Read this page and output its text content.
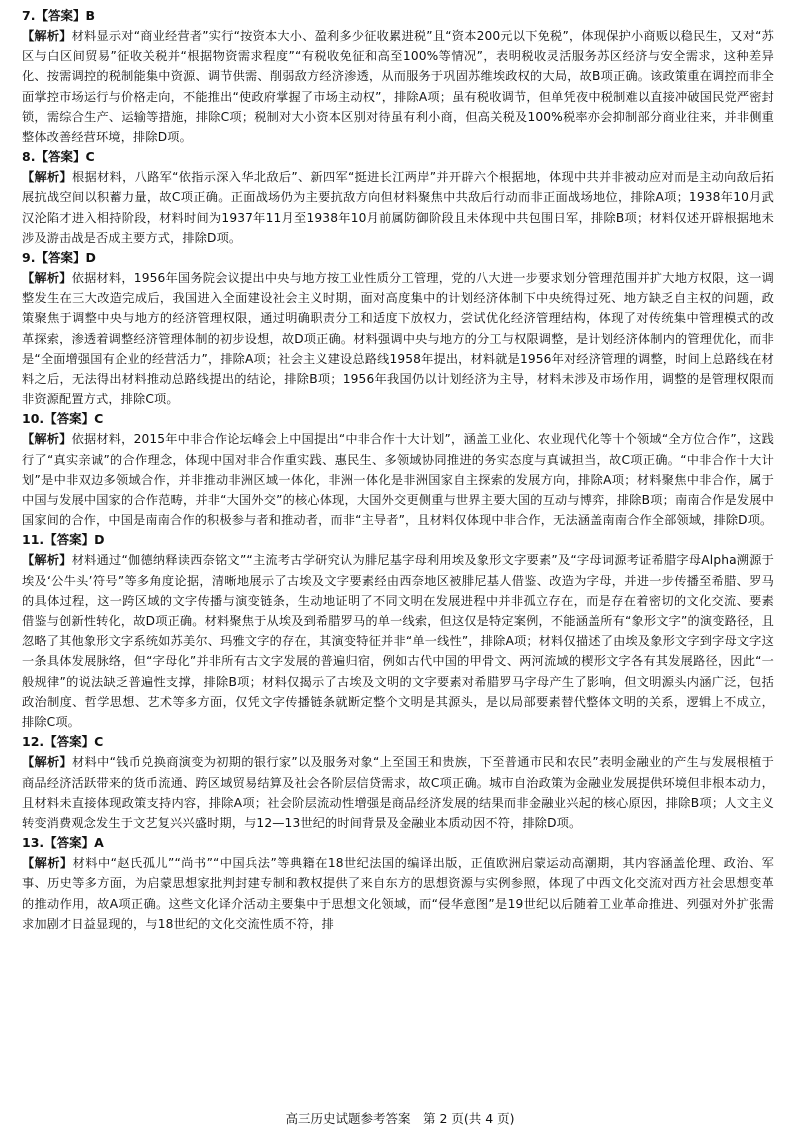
7.【答案】B

【解析】材料显示对“商业经营者”实行“按资本大小、盈利多少征收累进税”且“资本200元以下免税”，体现保护小商贩以稳民生，又对“苏区与白区间贸易”征收关税并“根据物资需求程度”“有税收免征和高至100%等情况”，表明税收灵活服务苏区经济与安全需求，这种差异化、按需调控的税制能集中资源、调节供需、削弱敌方经济渗透，从而服务于巩固苏维埃政权的大局，故B项正确。该政策重在调控而非全面掌控市场运行与价格走向，不能推出“使政府掌握了市场主动权”，排除A项；虽有税收调节，但单凭夜中税制难以直接冲破国民党严密封锁，需综合生产、运输等措施，排除C项；税制对大小资本区别对待虽有利小商，但高关税及100%税率亦会抑制部分商业往来，并非侧重整体改善经营环境，排除D项。

8.【答案】C

【解析】根据材料，八路军“依指示深入华北敌后”、新四军“挺进长江两岸”并开辟六个根据地，体现中共并非被动应对而是主动向敌后拓展抗战空间以积蓄力量，故C项正确。正面战场仍为主要抗敌方向但材料聚焦中共敌后行动而非正面战场地位，排除A项；1938年10月武汉沦陷才进入相持阶段，材料时间为1937年11月至1938年10月前属防御阶段且未体现中共包围日军，排除B项；材料仅述开辟根据地未涉及游击战是否成主要方式，排除D项。

9.【答案】D

【解析】依据材料，1956年国务院会议提出中央与地方按工业性质分工管理，党的八大进一步要求划分管理范围并扩大地方权限，这一调整发生在三大改造完成后，我国进入全面建设社会主义时期，面对高度集中的计划经济体制下中央统得过死、地方缺乏自主权的问题，政策聚焦于调整中央与地方的经济管理权限，通过明确职责分工和适度下放权力，尝试优化经济管理结构，体现了对传统集中管理模式的改革探索，渗透着调整经济管理体制的初步设想，故D项正确。材料强调中央与地方的分工与权限调整，是计划经济体制内的管理优化，而非是“全面增强国有企业的经营活力”，排除A项；社会主义建设总路线1958年提出，材料就是1956年对经济管理的调整，时间上总路线在材料之后，无法得出材料推动总路线提出的结论，排除B项；1956年我国仍以计划经济为主导，材料未涉及市场作用，调整的是管理权限而非资源配置方式，排除C项。

10.【答案】C

【解析】依据材料，2015年中非合作论坛峰会上中国提出“中非合作十大计划”，涵盖工业化、农业现代化等十个领域“全方位合作”，这践行了“真实亲诚”的合作理念，体现中国对非合作重实践、惠民生、多领域协同推进的务实态度与真诚担当，故C项正确。“中非合作十大计划”是中非双边多领域合作，并非推动非洲区域一体化，非洲一体化是非洲国家自主探索的发展方向，排除A项；材料聚焦中非合作，属于中国与发展中国家的合作范畴，并非“大国外交”的核心体现，大国外交更侧重与世界主要大国的互动与博弈，排除B项；南南合作是发展中国家间的合作，中国是南南合作的积极参与者和推动者，而非“主导者”，且材料仅体现中非合作，无法涵盖南南合作全部领域，排除D项。

11.【答案】D

【解析】材料通过“伽德纳释读西奈铭文”“主流考古学研究认为腓尼基字母利用埃及象形文字要素”及“字母词源考证希腊字母Alpha溯源于埃及‘公牛头’符号”等多角度论据，清晰地展示了古埃及文字要素经由西奈地区被腓尼基人借鉴、改造为字母，并进一步传播至希腊、罗马的具体过程，这一跨区域的文字传播与演变链条，生动地证明了不同文明在发展进程中并非孤立存在，而是存在着密切的文化交流、要素借鉴与创新性转化，故D项正确。材料聚焦于从埃及到希腊罗马的单一线索，但这仅是特定案例，不能涵盖所有“象形文字”的演变路径，且忽略了其他象形文字系统如苏美尔、玛雅文字的存在，其演变特征并非“单一线性”，排除A项；材料仅描述了由埃及象形文字到字母文字这一条具体发展脉络，但“字母化”并非所有古文字发展的普遍归宿，例如古代中国的甲骨文、两河流域的楔形文字各有其发展路径，因此“一般规律”的说法缺乏普遍性支撑，排除B项；材料仅揭示了古埃及文明的文字要素对希腊罗马字母产生了影响，但文明源头内涵广泛，包括政治制度、哲学思想、艺术等多方面，仅凭文字传播链条就断定整个文明是其源头，是以局部要素替代整体文明的关系，逻辑上不成立，排除C项。

12.【答案】C

【解析】材料中“钱币兑换商演变为初期的银行家”以及服务对象“上至国王和贵族，下至普通市民和农民”表明金融业的产生与发展根植于商品经济活跃带来的货币流通、跨区域贸易结算及社会各阶层信贷需求，故C项正确。城市自治政策为金融业发展提供环境但非根本动力，且材料未直接体现政策支持内容，排除A项；社会阶层流动性增强是商品经济发展的结果而非金融业兴起的核心原因，排除B项；人文主义转变消费观念发生于文艺复兴兴盛时期，与12—13世纪的时间背景及金融业本质动因不符，排除D项。

13.【答案】A

【解析】材料中“赵氏孤儿”“尚书”“中国兵法”等典籍在18世纪法国的编译出版，正值欧洲启蒙运动高潮期，其内容涵盖伦理、政治、军事、历史等多方面，为启蒙思想家批判封建专制和教权提供了来自东方的思想资源与实例参照，体现了中西文化交流对西方社会思想变革的推动作用，故A项正确。这些文化译介活动主要集中于思想文化领域，而“侵华意图”是19世纪以后随着工业革命推进、列强对外扩张需求加剧才日益显现的，与18世纪的文化交流性质不符，排

高三历史试题参考答案　第 2 页(共 4 页)
